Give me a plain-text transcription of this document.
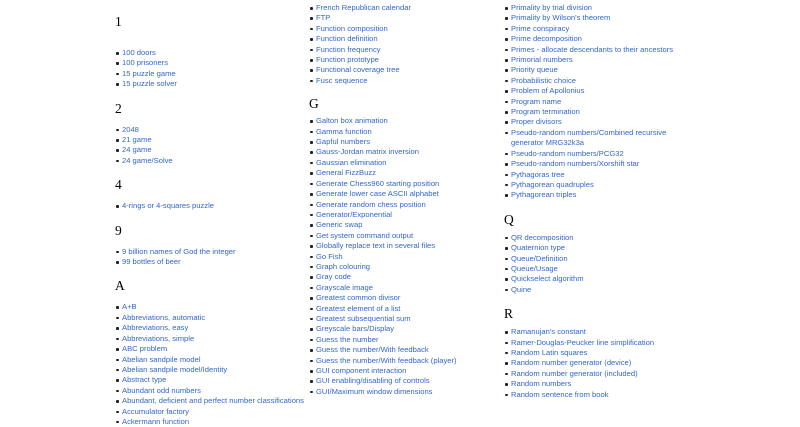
1
100 doors
100 prisoners
15 puzzle game
15 puzzle solver
2
2048
21 game
24 game
24 game/Solve
4
4-rings or 4-squares puzzle
9
9 billion names of God the integer
99 bottles of beer
A
A+B
Abbreviations, automatic
Abbreviations, easy
Abbreviations, simple
ABC problem
Abelian sandpile model
Abelian sandpile model/Identity
Abstract type
Abundant odd numbers
Abundant, deficient and perfect number classifications
Accumulator factory
Ackermann function
French Republican calendar
FTP
Function composition
Function definition
Function frequency
Function prototype
Functional coverage tree
Fusc sequence
G
Galton box animation
Gamma function
Gapful numbers
Gauss-Jordan matrix inversion
Gaussian elimination
General FizzBuzz
Generate Chess960 starting position
Generate lower case ASCII alphabet
Generate random chess position
Generator/Exponential
Generic swap
Get system command output
Globally replace text in several files
Go Fish
Graph colouring
Gray code
Grayscale image
Greatest common divisor
Greatest element of a list
Greatest subsequential sum
Greyscale bars/Display
Guess the number
Guess the number/With feedback
Guess the number/With feedback (player)
GUI component interaction
GUI enabling/disabling of controls
GUI/Maximum window dimensions
Primality by trial division
Primality by Wilson's theorem
Prime conspiracy
Prime decomposition
Primes - allocate descendants to their ancestors
Primorial numbers
Priority queue
Probabilistic choice
Problem of Apollonius
Program name
Program termination
Proper divisors
Pseudo-random numbers/Combined recursive generator MRG32k3a
Pseudo-random numbers/PCG32
Pseudo-random numbers/Xorshift star
Pythagoras tree
Pythagorean quadruples
Pythagorean triples
Q
QR decomposition
Quaternion type
Queue/Definition
Queue/Usage
Quickselect algorithm
Quine
R
Ramanujan's constant
Ramer-Douglas-Peucker line simplification
Random Latin squares
Random number generator (device)
Random number generator (included)
Random numbers
Random sentence from book
